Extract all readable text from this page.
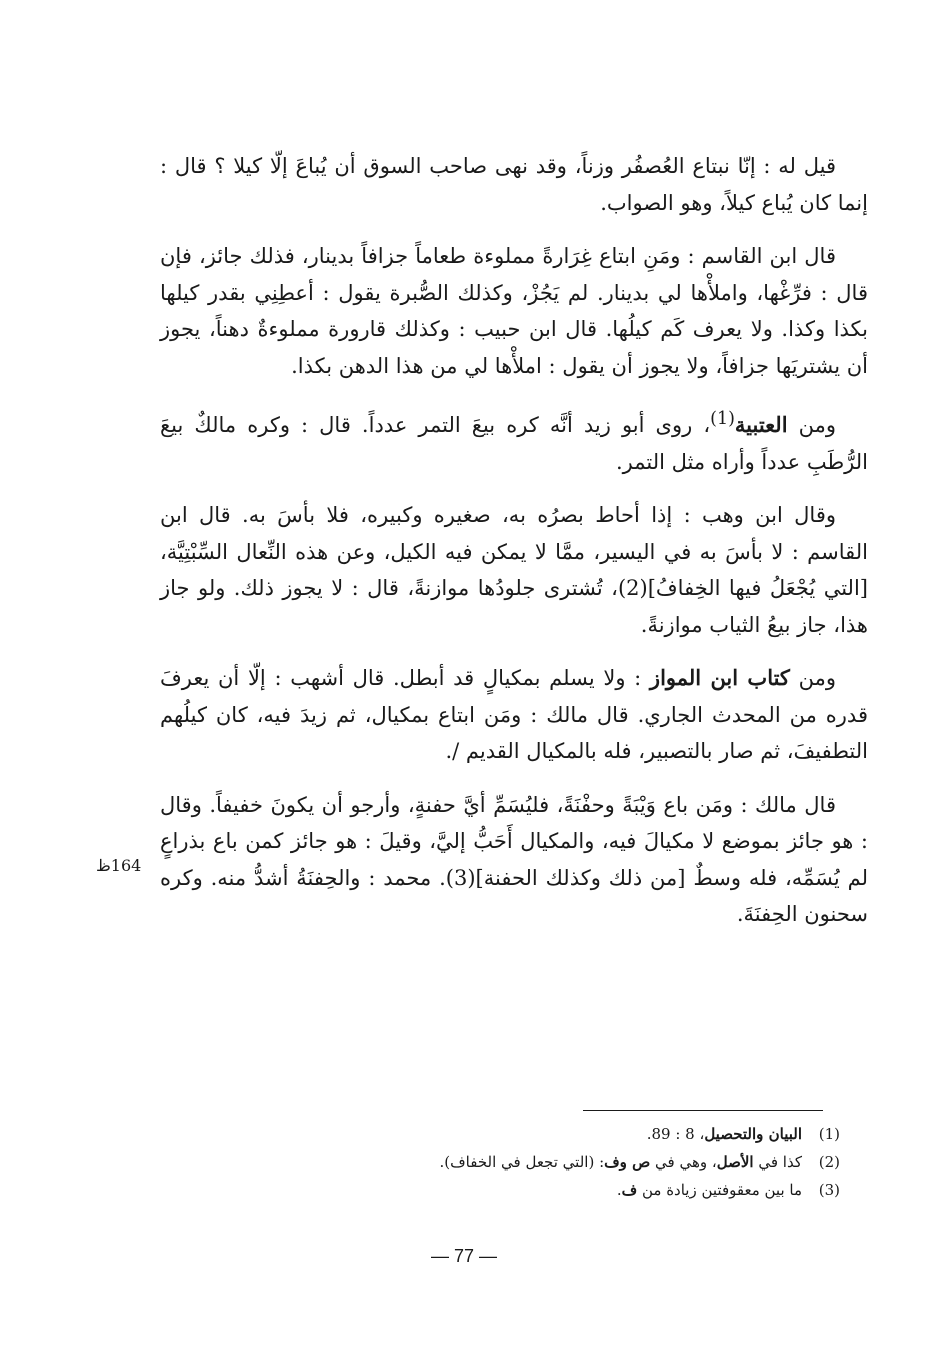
قيل له : إنّا نبتاع العُصفُر وزناً، وقد نهى صاحب السوق أن يُباعَ إلّا كيلا ؟ قال : إنما كان يُباع كيلاً، وهو الصواب.

قال ابن القاسم : ومَنِ ابتاع غِرَارةً مملوءة طعاماً جزافاً بدينار، فذلك جائز، فإن قال : فرِّغْها، واملأْها لي بدينار. لم يَجُزْ، وكذلك الصُّبرة يقول : أعطِنِي بقدر كيلها بكذا وكذا. ولا يعرف كَم كيلُها. قال ابن حبيب : وكذلك قارورة مملوءةٌ دهناً، يجوز أن يشتريَها جزافاً، ولا يجوز أن يقول : املأْها لي من هذا الدهن بكذا.

ومن العتبية$^{(1)}$، روى أبو زيد أنَّه كره بيعَ التمر عدداً. قال : وكره مالكٌ بيعَ الرُّطَبِ عدداً وأراه مثل التمر.

وقال ابن وهب : إذا أحاط بصرُه به، صغيره وكبيره، فلا بأسَ به. قال ابن القاسم : لا بأسَ به في اليسير، ممَّا لا يمكن فيه الكيل، وعن هذه النِّعال السِّبْتِيَّة، [التي يُجْعَلُ فيها الخِفافُ](2)، تُشترى جلودُها موازنةً، قال : لا يجوز ذلك. ولو جاز هذا، جاز بيعُ الثياب موازنةً.

ومن كتاب ابن المواز : ولا يسلم بمكيالٍ قد أبطل. قال أشهب : إلّا أن يعرفَ قدره من المحدث الجاري. قال مالك : ومَن ابتاع بمكيال، ثم زيدَ فيه، كان كيلُهم التطفيفَ، ثم صار بالتصبير، فله بالمكيال القديم /.

قال مالك : ومَن باع وَيْبَةً وحفْنَةً، فليُسَمِّ أيَّ حفنةٍ، وأرجو أن يكونَ خفيفاً. وقال : هو جائز بموضع لا مكيالَ فيه، والمكيال أَحَبُّ إليَّ، وقيلَ : هو جائز كمن باع بذراعٍ لم يُسَمِّه، فله وسطٌ [من ذلك وكذلك الحفنة](3). محمد : والحِفنَةُ أشدُّ منه. وكره سحنون الحِفنَةَ.

164ظ
(1)
البيان والتحصيل، 8 : 89.
(2)
كذا في الأصل، وهي في ص وف: (التي تجعل في الخفاف).
(3)
ما بين معقوفتين زيادة من ف.
— 77 —
